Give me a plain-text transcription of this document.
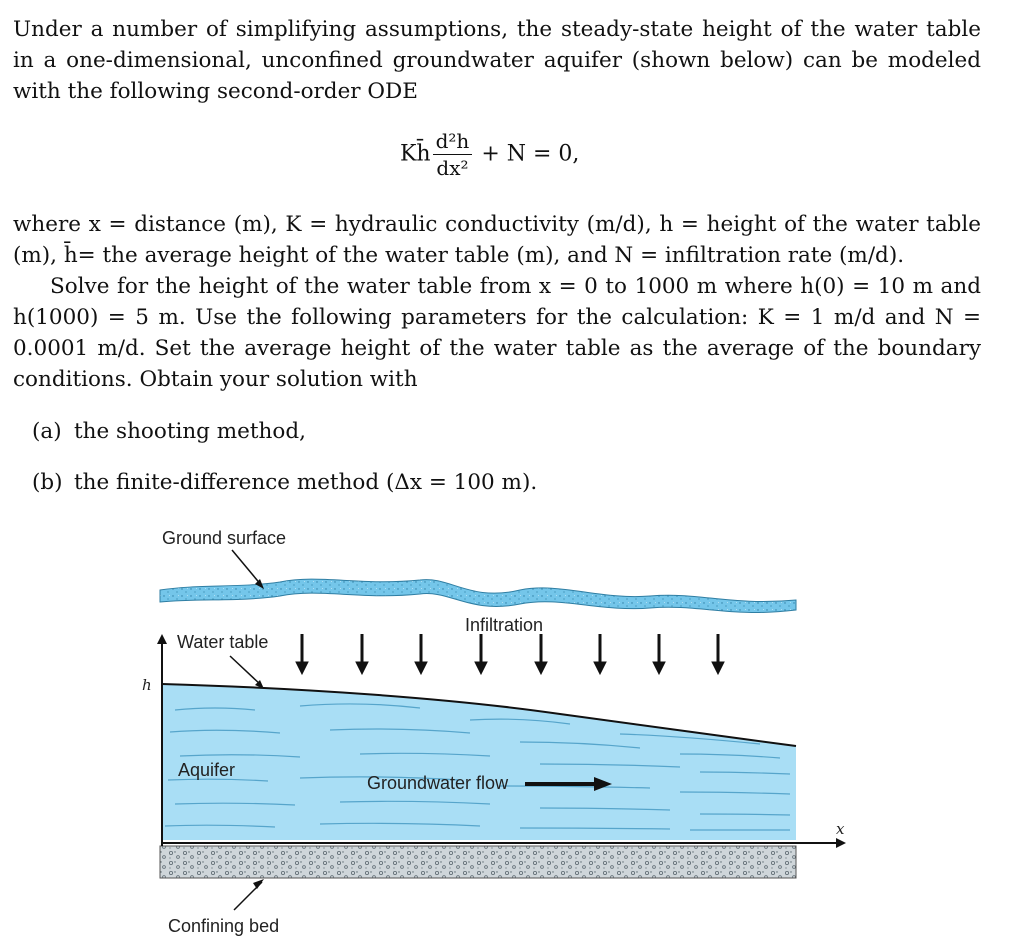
Under a number of simplifying assumptions, the steady-state height of the water table in a one-dimensional, unconfined groundwater aquifer (shown below) can be modeled with the following second-order ODE
Kh̄ $\frac{\text{d²h}}{\text{dx²}} + N = 0$,
where x = distance (m), K = hydraulic conductivity (m/d), h = height of the water table (m), h̄= the average height of the water table (m), and N = infiltration rate (m/d).
Solve for the height of the water table from x = 0 to 1000 m where h(0) = 10 m and h(1000) = 5 m. Use the following parameters for the calculation: K = 1 m/d and N = 0.0001 m/d. Set the average height of the water table as the average of the boundary conditions. Obtain your solution with
(a) the shooting method,
(b) the finite-difference method (Δx = 100 m).
h
x
Ground surface
Infiltration
Water table
Aquifer
Groundwater flow
Confining bed
